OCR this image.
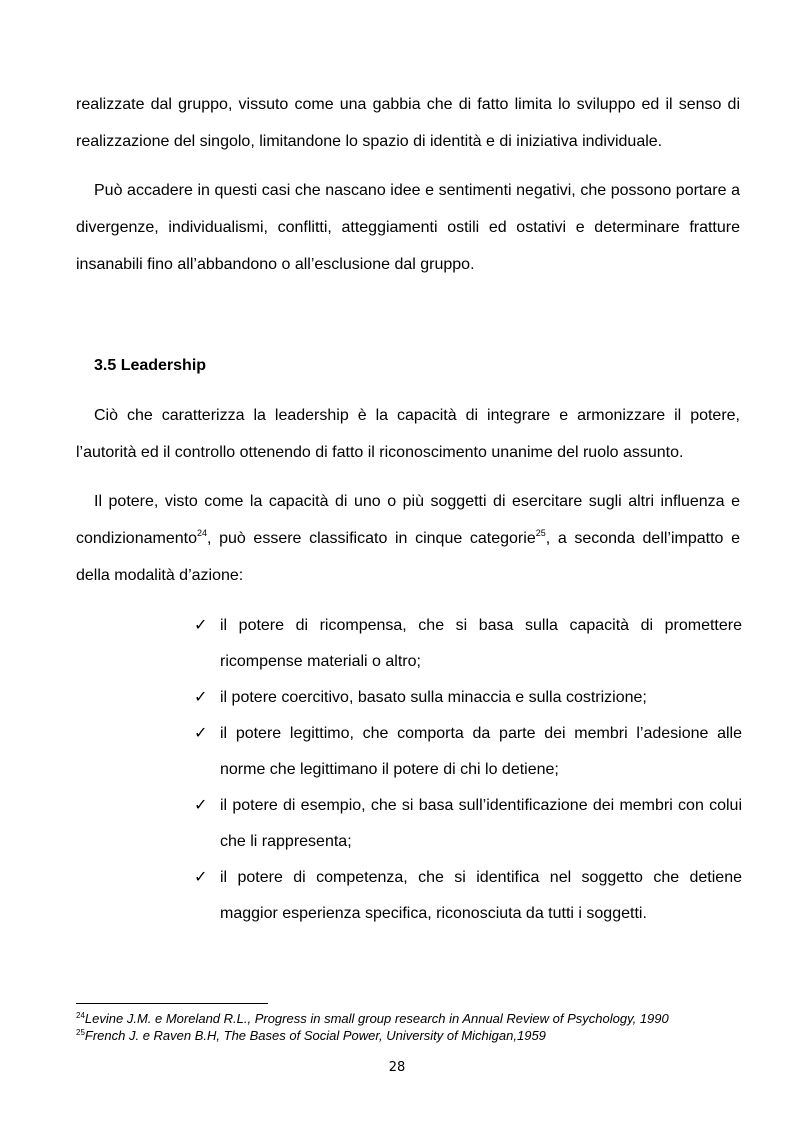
realizzate dal gruppo, vissuto come una gabbia che di fatto limita lo sviluppo ed il senso di realizzazione del singolo, limitandone lo spazio di identità e di iniziativa individuale.

Può accadere in questi casi che nascano idee e sentimenti negativi, che possono portare a divergenze, individualismi, conflitti, atteggiamenti ostili ed ostativi e determinare fratture insanabili fino all’abbandono o all’esclusione dal gruppo.

3.5 Leadership

Ciò che caratterizza la leadership è la capacità di integrare e armonizzare il potere, l’autorità ed il controllo ottenendo di fatto il riconoscimento unanime del ruolo assunto.

Il potere, visto come la capacità di uno o più soggetti di esercitare sugli altri influenza e condizionamento$^{24}$, può essere classificato in cinque categorie$^{25}$, a seconda dell’impatto e della modalità d’azione:

✓ il potere di ricompensa, che si basa sulla capacità di promettere ricompense materiali o altro;
✓ il potere coercitivo, basato sulla minaccia e sulla costrizione;
✓ il potere legittimo, che comporta da parte dei membri l’adesione alle norme che legittimano il potere di chi lo detiene;
✓ il potere di esempio, che si basa sull’identificazione dei membri con colui che li rappresenta;
✓ il potere di competenza, che si identifica nel soggetto che detiene maggior esperienza specifica, riconosciuta da tutti i soggetti.

$^{24}$Levine J.M. e Moreland R.L., Progress in small group research in Annual Review of Psychology, 1990

$^{25}$French J. e Raven B.H, The Bases of Social Power, University of Michigan,1959

28
